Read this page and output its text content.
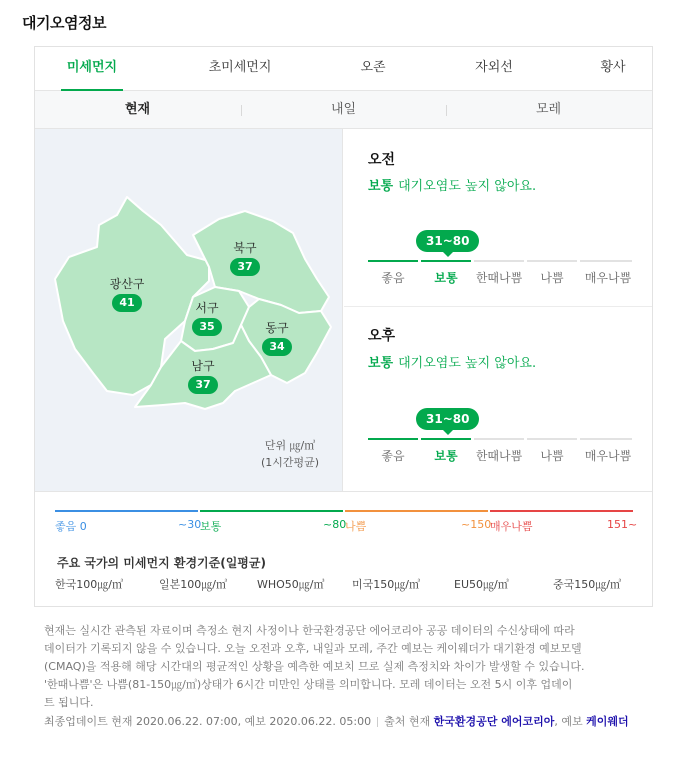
대기오염정보
미세먼지	초미세먼지	오존	자외선	황사
현재	내일	모레
북구
37
광산구
41	서구
35	동구
34
남구
37
단위 ㎍/㎥
(1시간평균)
오전
보통 대기오염도 높지 않아요.
31~80
좋음	보통	한때나쁨	나쁨	매우나쁨
오후
보통 대기오염도 높지 않아요.
31~80
좋음	보통	한때나쁨	나쁨	매우나쁨
좋음 0	~30
보통	~80
나쁨	~150
매우나쁨	151~
주요 국가의 미세먼지 환경기준(일평균)
한국100㎍/㎥	일본100㎍/㎥	WHO50㎍/㎥ 미국150㎍/㎥	EU50㎍/㎥	중국150㎍/㎥

현재는 실시간 관측된 자료이며 측정소 현지 사정이나 한국환경공단 에어코리아 공공 데이터의 수신상태에 따라

데이터가 기록되지 않을 수 있습니다. 오늘 오전과 오후, 내일과 모레, 주간 예보는 케이웨더가 대기환경 예보모델

(CMAQ)을 적용해 해당 시간대의 평균적인 상황을 예측한 예보치 므로 실제 측정치와 차이가 발생할 수 있습니다.

'한때나쁨'은 나쁨(81-150㎍/㎥)상태가 6시간 미만인 상태를 의미합니다. 모레 데이터는 오전 5시 이후 업데이

트 됩니다.

최종업데이트 현재 2020.06.22. 07:00, 예보 2020.06.22. 05:00 출처 현재 한국환경공단 에어코리아, 예보 케이웨더
